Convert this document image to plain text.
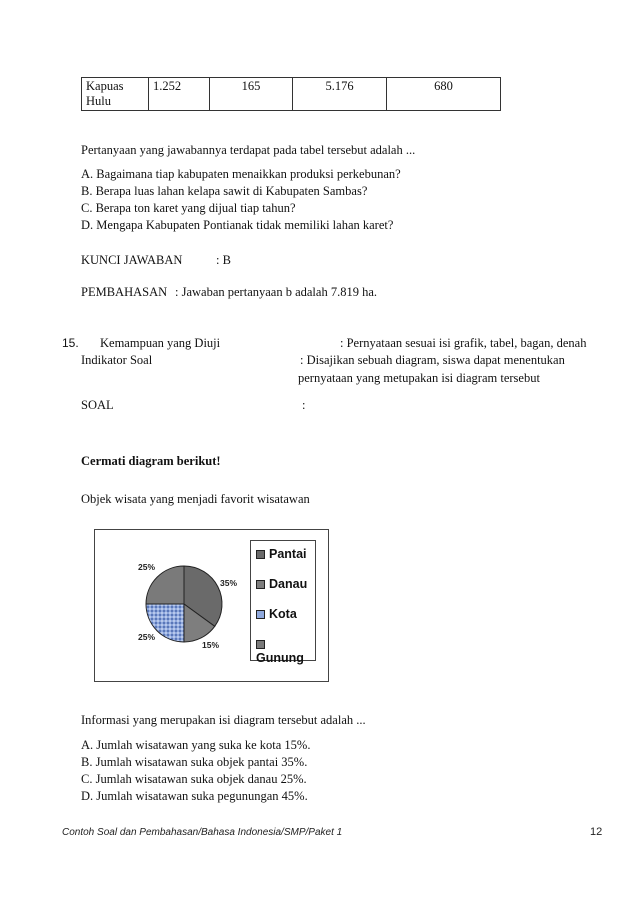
Kapuas
Hulu	1.252	165	5.176	680
Pertanyaan yang jawabannya terdapat pada tabel tersebut adalah ...
A. Bagaimana tiap kabupaten menaikkan produksi perkebunan?
B. Berapa luas lahan kelapa sawit di Kabupaten Sambas?
C. Berapa ton karet yang dijual tiap tahun?
D. Mengapa Kabupaten Pontianak tidak memiliki lahan karet?
KUNCI JAWABAN	: B
PEMBAHASAN : Jawaban pertanyaan b adalah 7.819 ha.
15. Kemampuan yang Diuji	: Pernyataan sesuai isi grafik, tabel, bagan, denah
Indikator Soal	: Disajikan sebuah diagram, siswa dapat menentukan
pernyataan yang metupakan isi diagram tersebut
SOAL	:
Cermati diagram berikut!
Objek wisata yang menjadi favorit wisatawan
25%
35%
25%
15%
Pantai
Danau
Kota
Gunung
Informasi yang merupakan isi diagram tersebut adalah ...
A. Jumlah wisatawan yang suka ke kota 15%.
B. Jumlah wisatawan suka objek pantai 35%.
C. Jumlah wisatawan suka objek danau 25%.
D. Jumlah wisatawan suka pegunungan 45%.
Contoh Soal dan Pembahasan/Bahasa Indonesia/SMP/Paket 1	12
